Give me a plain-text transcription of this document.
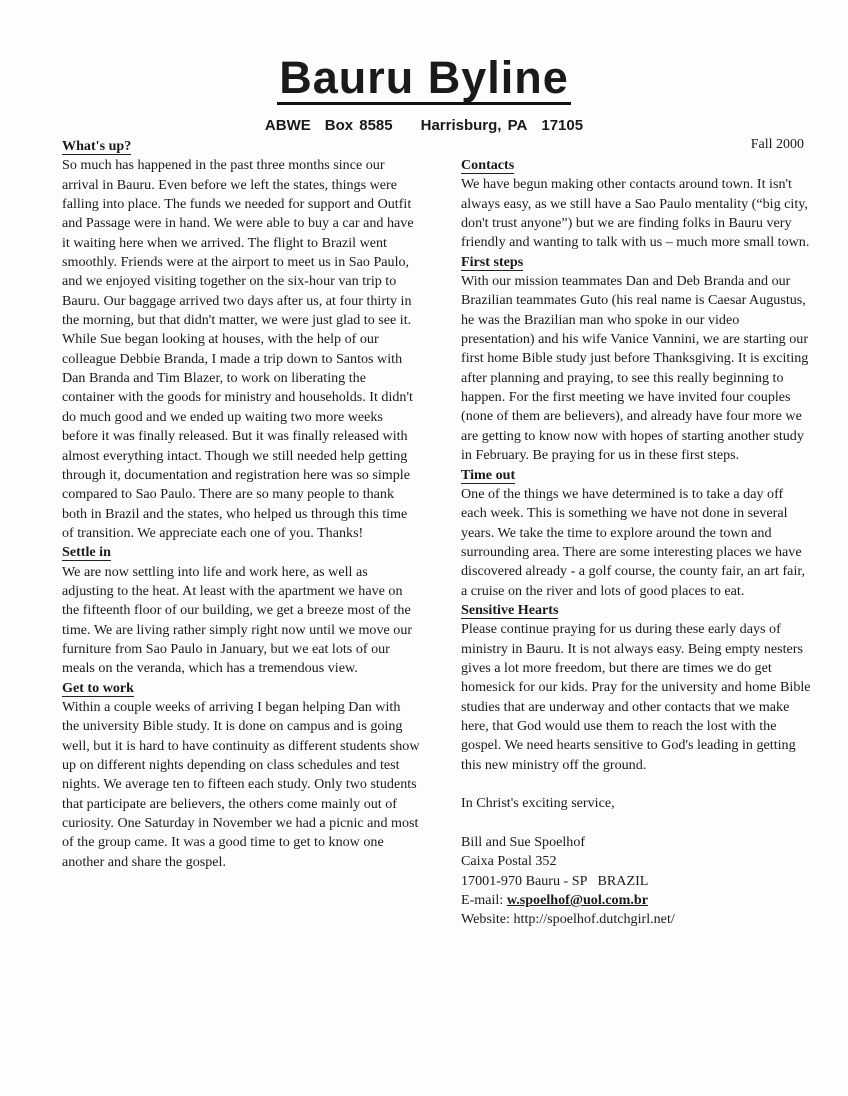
Bauru Byline
ABWE Box 8585 Harrisburg, PA 17105
Fall 2000
What's up?

So much has happened in the past three months since our arrival in Bauru. Even before we left the states, things were falling into place. The funds we needed for support and Outfit and Passage were in hand. We were able to buy a car and have it waiting here when we arrived. The flight to Brazil went smoothly. Friends were at the airport to meet us in Sao Paulo, and we enjoyed visiting together on the six-hour van trip to Bauru. Our baggage arrived two days after us, at four thirty in the morning, but that didn't matter, we were just glad to see it. While Sue began looking at houses, with the help of our colleague Debbie Branda, I made a trip down to Santos with Dan Branda and Tim Blazer, to work on liberating the container with the goods for ministry and households. It didn't do much good and we ended up waiting two more weeks before it was finally released. But it was finally released with almost everything intact. Though we still needed help getting through it, documentation and registration here was so simple compared to Sao Paulo. There are so many people to thank both in Brazil and the states, who helped us through this time of transition. We appreciate each one of you. Thanks!

Settle in

We are now settling into life and work here, as well as adjusting to the heat. At least with the apartment we have on the fifteenth floor of our building, we get a breeze most of the time. We are living rather simply right now until we move our furniture from Sao Paulo in January, but we eat lots of our meals on the veranda, which has a tremendous view.

Get to work

Within a couple weeks of arriving I began helping Dan with the university Bible study. It is done on campus and is going well, but it is hard to have continuity as different students show up on different nights depending on class schedules and test nights. We average ten to fifteen each study. Only two students that participate are believers, the others come mainly out of curiosity. One Saturday in November we had a picnic and most of the group came. It was a good time to get to know one another and share the gospel.

Contacts

We have begun making other contacts around town. It isn't always easy, as we still have a Sao Paulo mentality (“big city, don't trust anyone”) but we are finding folks in Bauru very friendly and wanting to talk with us – much more small town.

First steps

With our mission teammates Dan and Deb Branda and our Brazilian teammates Guto (his real name is Caesar Augustus, he was the Brazilian man who spoke in our video presentation) and his wife Vanice Vannini, we are starting our first home Bible study just before Thanksgiving. It is exciting after planning and praying, to see this really beginning to happen. For the first meeting we have invited four couples (none of them are believers), and already have four more we are getting to know now with hopes of starting another study in February. Be praying for us in these first steps.

Time out

One of the things we have determined is to take a day off each week. This is something we have not done in several years. We take the time to explore around the town and surrounding area. There are some interesting places we have discovered already - a golf course, the county fair, an art fair, a cruise on the river and lots of good places to eat.

Sensitive Hearts

Please continue praying for us during these early days of ministry in Bauru. It is not always easy. Being empty nesters gives a lot more freedom, but there are times we do get homesick for our kids. Pray for the university and home Bible studies that are underway and other contacts that we make here, that God would use them to reach the lost with the gospel. We need hearts sensitive to God's leading in getting this new ministry off the ground.

In Christ's exciting service,

Bill and Sue Spoelhof

Caixa Postal 352

17001-970 Bauru - SP   BRAZIL

E-mail: w.spoelhof@uol.com.br

Website: http://spoelhof.dutchgirl.net/
